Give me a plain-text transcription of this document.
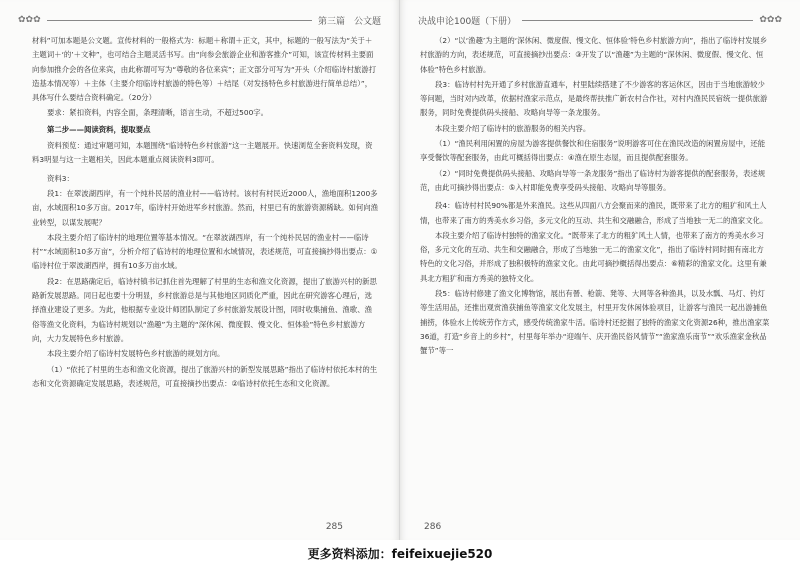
✿✿✿	第三篇　公文题

材料”可加本题是公文题。宣传材料的一般格式为：标题＋称谓＋正文，其中，标题的一般写法为“关于＋主题词＋‘的’＋文种”，也可结合主题灵活书写。由“向参会旅游企业和游客推介”可知，该宣传材料主要面向参加推介会的各位来宾，由此称谓可写为“尊敬的各位来宾”；正文部分可写为“开头（介绍临诗村旅游打造基本情况等）＋主体（主要介绍临诗村旅游的特色等）＋结尾（对发扬特色乡村旅游进行简单总结）”，具体写什么要结合资料确定。（20分）

要求：紧扣资料，内容全面，条理清晰，语言生动，不超过500字。

第二步——阅读资料，提取要点

资料预览：通过审题可知，本题围绕“临诗特色乡村旅游”这一主题展开。快速浏览全套资料发现，资料3明显与这一主题相关，因此本题重点阅读资料3即可。

资料3：

段1：在翠波湖西岸，有一个纯朴民居的渔业村——临诗村。该村有村民近2000人，渔地面积1200多亩，水域面积10多万亩。2017年，临诗村开始进军乡村旅游。然而，村里已有的旅游资源稀缺。如何向渔业转型，以谋发展呢？

本段主要介绍了临诗村的地理位置等基本情况。“在翠波湖西岸，有一个纯朴民居的渔业村——临诗村”“水域面积10多万亩”，分析介绍了临诗村的地理位置和水域情况，表述规范，可直接摘抄得出要点：①临诗村位于翠波湖西岸，拥有10多万亩水域。

段2：在思路确定后，临诗村镇书记抓住首先理解了村里的生态和渔文化资源，提出了旅游兴村的新思路新发展思路。同日起也要十分明显，乡村旅游总是与其他地区同质化严重，因此在研究游客心理后，选择渔业建设了更多。为此，他根据专业设计师团队制定了乡村旅游发展设计图，同时收集捕鱼、渔歌、渔俗等渔文化资料，为临诗村规划以“渔趣”为主题的“深休闲、微度假、慢文化、恒体验”特色乡村旅游方向，大力发展特色乡村旅游。

本段主要介绍了临诗村发展特色乡村旅游的规划方向。

（1）“依托了村里的生态和渔文化资源，提出了旅游兴村的新型发展思路”指出了临诗村依托本村的生态和文化资源确定发展思路，表述规范，可直接摘抄出要点：②临诗村依托生态和文化资源。

285
决战申论100题（下册）	✿✿✿

（2）“以‘渔趣’为主题的‘深休闲、微度假、慢文化、恒体验’特色乡村旅游方向”，指出了临诗村发展乡村旅游的方向，表述规范，可直接摘抄出要点：③开发了以“渔趣”为主题的“深休闲、微度假、慢文化、恒体验”特色乡村旅游。

段3：临诗村村先开通了乡村旅游直通车，村里陆续搭建了不少游客的客运休区，因由于当地旅游较少等问题，当时对内改革，依据村渔家示范点，是最终帮扶推广新农村合作社，对村内渔民民宿统一提供旅游服务，同时免费提供码头接船、攻略向导等一条龙服务。

本段主要介绍了临诗村的旅游服务的相关内容。

（1）“渔民利用闲置的房屋为游客提供餐饮和住宿服务”说明游客可住在渔民改造的闲置房屋中，还能享受餐饮等配套服务，由此可概括得出要点：④渔在原生态屋，而且提供配套服务。

（2）“同时免费提供码头接船、攻略向导等一条龙服务”指出了临诗村为游客提供的配套服务，表述规范，由此可摘抄得出要点：⑤入村即能免费享受码头接船、攻略向导等服务。

段4：临诗村村民90%都是外来渔民。这些从四面八方会聚而来的渔民，既带来了北方的粗犷和风土人情，也带来了南方的秀美水乡习俗，多元文化的互动、共生和交融融合，形成了当地独一无二的渔家文化。

本段主要介绍了临诗村独特的渔家文化。“既带来了北方的粗犷风土人情，也带来了南方的秀美水乡习俗，多元文化的互动、共生和交融融合，形成了当地独一无二的渔家文化”，指出了临诗村同时拥有南北方特色的文化习俗，并形成了独积极特的渔家文化。由此可摘抄概括得出要点：⑥精彩的渔家文化。这里有兼具北方粗犷和南方秀美的独特文化。

段5：临诗村修建了渔文化博物馆，展出有罾、枪箭、凳等、大网等各种渔具，以及水瓢、马灯、钓灯等生活用品，还推出观赏渔获捕鱼等渔家文化发展主，村里开发休闲体验项目，让游客与渔民一起出游捕鱼捕捞，体验水上传统劳作方式，感受传统渔家牛活。临诗村还挖掘了独特的渔家文化资源26种，推出渔家菜36道，打造“乡音上的乡村”，村里每年举办“迎端午、庆开渔民俗风情节”“渔家渔乐南节”“欢乐渔家金秋品蟹节”等一

286
更多资料添加：feifeixuejie520
